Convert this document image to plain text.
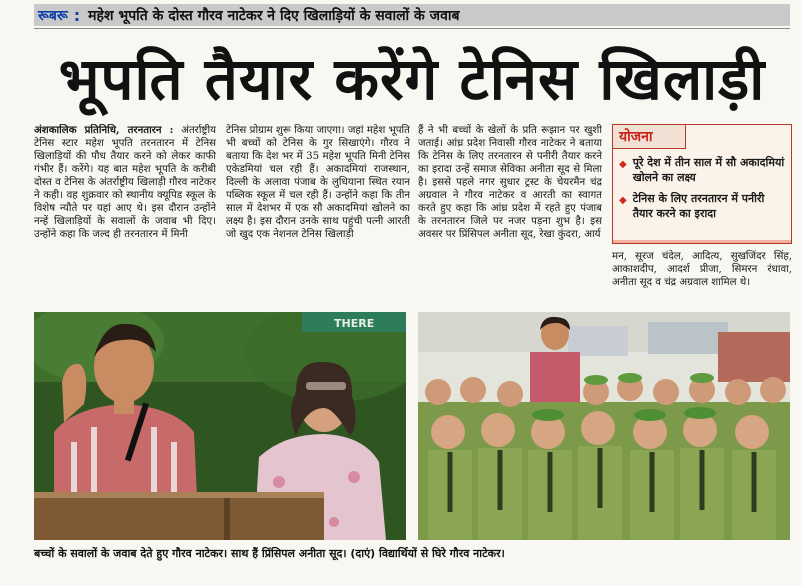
रूबरू : महेश भूपति के दोस्त गौरव नाटेकर ने दिए खिलाड़ियों के सवालों के जवाब
भूपति तैयार करेंगे टेनिस खिलाड़ी
अंशकालिक प्रतिनिधि, तरनतारन : अंतर्राष्ट्रीय टेनिस स्टार महेश भूपति तरनतारन में टेनिस खिलाड़ियों की पौध तैयार करने को लेकर काफी गंभीर हैं। करेंगे। यह बात महेश भूपति के करीबी दोस्त व टेनिस के अंतर्राष्ट्रीय खिलाड़ी गौरव नाटेकर ने कही। वह शुक्रवार को स्थानीय क्यूपिड स्कूल के विशेष न्यौते पर यहां आए थे। इस दौरान उन्होंने नन्हें खिलाड़ियों के सवालों के जवाब भी दिए। उन्होंने कहा कि जल्द ही तरनतारन में मिनी
टेनिस प्रोग्राम शुरू किया जाएगा। जहां महेश भूपति भी बच्चों को टेनिस के गुर सिखाएंगे। गौरव ने बताया कि देश भर में 35 महेश भूपति मिनी टेनिस एकेडमियां चल रही हैं। अकादमियां राजस्थान, दिल्ली के अलावा पंजाब के लुधियाना स्थित रयान पब्लिक स्कूल में चल रही हैं। उन्होंने कहा कि तीन साल में देशभर में एक सौ अकादमियां खोलने का लक्ष्य है। इस दौरान उनके साथ पहुंची पत्नी आरती जो खुद एक नेशनल टेनिस खिलाड़ी
हैं ने भी बच्चों के खेलों के प्रति रूझान पर खुशी जताई। आंध्र प्रदेश निवासी गौरव नाटेकर ने बताया कि टेनिस के लिए तरनतारन से पनीरी तैयार करने का इरादा उन्हें समाज सेविका अनीता सूद से मिला है। इससे पहले नगर सुधार ट्रस्ट के चेयरमैन चंद्र अग्रवाल ने गौरव नाटेकर व आरती का स्वागत करते हुए कहा कि आंध्र प्रदेश में रहते हुए पंजाब के तरनतारन जिले पर नजर पड़ना शुभ है। इस अवसर पर प्रिंसिपल अनीता सूद, रेखा कुंदरा, आर्य
योजना
◆ पूरे देश में तीन साल में सौ अकादमियां खोलने का लक्ष्य
◆ टेनिस के लिए तरनतारन में पनीरी तैयार करने का इरादा
मन, सूरज चंदेल, आदित्य, सुखजिंदर सिंह, आकाशदीप, आदर्श प्रीजा, सिमरन रंधावा, अनीता सूद व चंद्र अग्रवाल शामिल थे।
THERE
बच्चों के सवालों के जवाब देते हुए गौरव नाटेकर। साथ हैं प्रिंसिपल अनीता सूद। (दाएं) विद्यार्थियों से घिरे गौरव नाटेकर।
